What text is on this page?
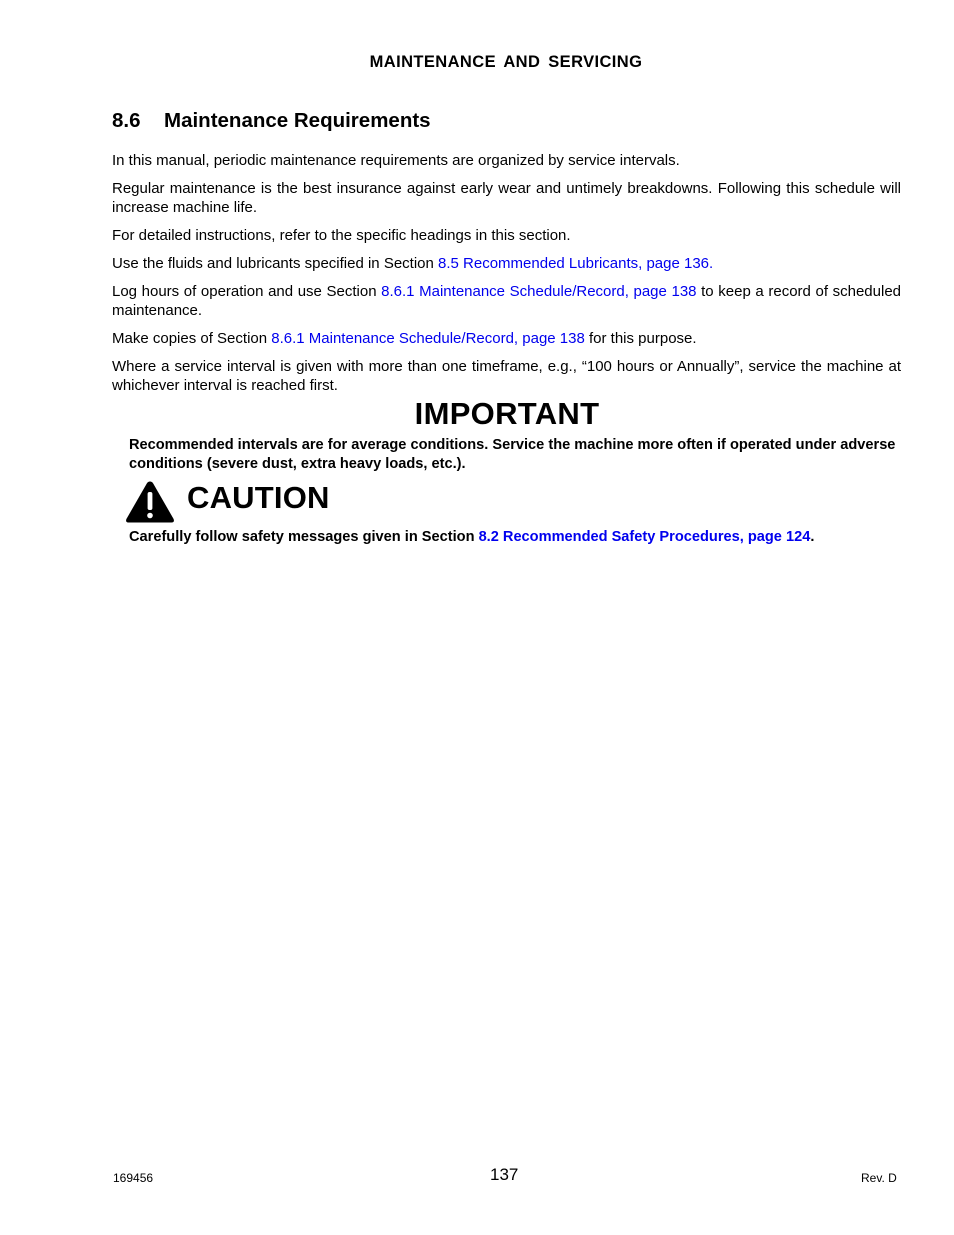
MAINTENANCE AND SERVICING
8.6 Maintenance Requirements

In this manual, periodic maintenance requirements are organized by service intervals.

Regular maintenance is the best insurance against early wear and untimely breakdowns. Following this schedule will increase machine life.

For detailed instructions, refer to the specific headings in this section.

Use the fluids and lubricants specified in Section 8.5 Recommended Lubricants, page 136.

Log hours of operation and use Section 8.6.1 Maintenance Schedule/Record, page 138 to keep a record of scheduled maintenance.

Make copies of Section 8.6.1 Maintenance Schedule/Record, page 138 for this purpose.

Where a service interval is given with more than one timeframe, e.g., “100 hours or Annually”, service the machine at whichever interval is reached first.

IMPORTANT
Recommended intervals are for average conditions. Service the machine more often if operated under adverse conditions (severe dust, extra heavy loads, etc.).
CAUTION
Carefully follow safety messages given in Section 8.2 Recommended Safety Procedures, page 124.
169456	137	Rev. D
